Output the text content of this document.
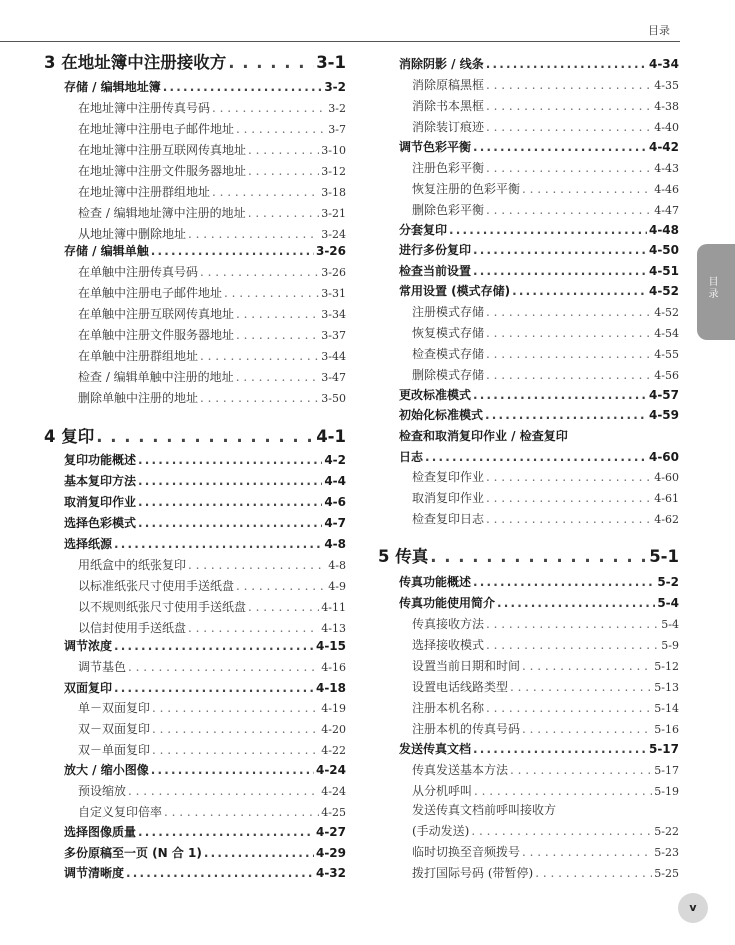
目录
目录
v
3 在地址簿中注册接收方 . . .	3-1
存储 / 编辑地址簿 . . .	3-2
在地址簿中注册传真号码 . . .	3-2
在地址簿中注册电子邮件地址 . . .	3-7
在地址簿中注册互联网传真地址 . . .	3-10
在地址簿中注册文件服务器地址 . . .	3-12
在地址簿中注册群组地址 . . .	3-18
检查 / 编辑地址簿中注册的地址 . . .	3-21
从地址簿中删除地址 . . .	3-24
存储 / 编辑单触 . . .	3-26
在单触中注册传真号码 . . .	3-26
在单触中注册电子邮件地址 . . .	3-31
在单触中注册互联网传真地址 . . .	3-34
在单触中注册文件服务器地址 . . .	3-37
在单触中注册群组地址 . . .	3-44
检查 / 编辑单触中注册的地址 . . .	3-47
删除单触中注册的地址 . . .	3-50
4 复印 . . .	4-1
复印功能概述 . . .	4-2
基本复印方法 . . .	4-4
取消复印作业 . . .	4-6
选择色彩模式 . . .	4-7
选择纸源 . . .	4-8
用纸盒中的纸张复印 . . .	4-8
以标准纸张尺寸使用手送纸盘 . . .	4-9
以不规则纸张尺寸使用手送纸盘 . . .	4-11
以信封使用手送纸盘 . . .	4-13
调节浓度 . . .	4-15
调节基色 . . .	4-16
双面复印 . . .	4-18
单－双面复印 . . .	4-19
双－双面复印 . . .	4-20
双－单面复印 . . .	4-22
放大 / 缩小图像 . . .	4-24
预设缩放 . . .	4-24
自定义复印倍率 . . .	4-25
选择图像质量 . . .	4-27
多份原稿至一页 (N 合 1) . . .	4-29
调节清晰度 . . .	4-32
消除阴影 / 线条 . . .	4-34
消除原稿黑框 . . .	4-35
消除书本黑框 . . .	4-38
消除装订痕迹 . . .	4-40
调节色彩平衡 . . .	4-42
注册色彩平衡 . . .	4-43
恢复注册的色彩平衡 . . .	4-46
删除色彩平衡 . . .	4-47
分套复印 . . .	4-48
进行多份复印 . . .	4-50
检查当前设置 . . .	4-51
常用设置 (模式存储) . . .	4-52
注册模式存储 . . .	4-52
恢复模式存储 . . .	4-54
检查模式存储 . . .	4-55
删除模式存储 . . .	4-56
更改标准模式 . . .	4-57
初始化标准模式 . . .	4-59
检查和取消复印作业 / 检查复印
日志 . . .	4-60
检查复印作业 . . .	4-60
取消复印作业 . . .	4-61
检查复印日志 . . .	4-62
5 传真 . . .	5-1
传真功能概述 . . .	5-2
传真功能使用简介 . . .	5-4
传真接收方法 . . .	5-4
选择接收模式 . . .	5-9
设置当前日期和时间 . . .	5-12
设置电话线路类型 . . .	5-13
注册本机名称 . . .	5-14
注册本机的传真号码 . . .	5-16
发送传真文档 . . .	5-17
传真发送基本方法 . . .	5-17
从分机呼叫 . . .	5-19
发送传真文档前呼叫接收方
(手动发送) . . .	5-22
临时切换至音频拨号 . . .	5-23
拨打国际号码 (带暂停) . . .	5-25
